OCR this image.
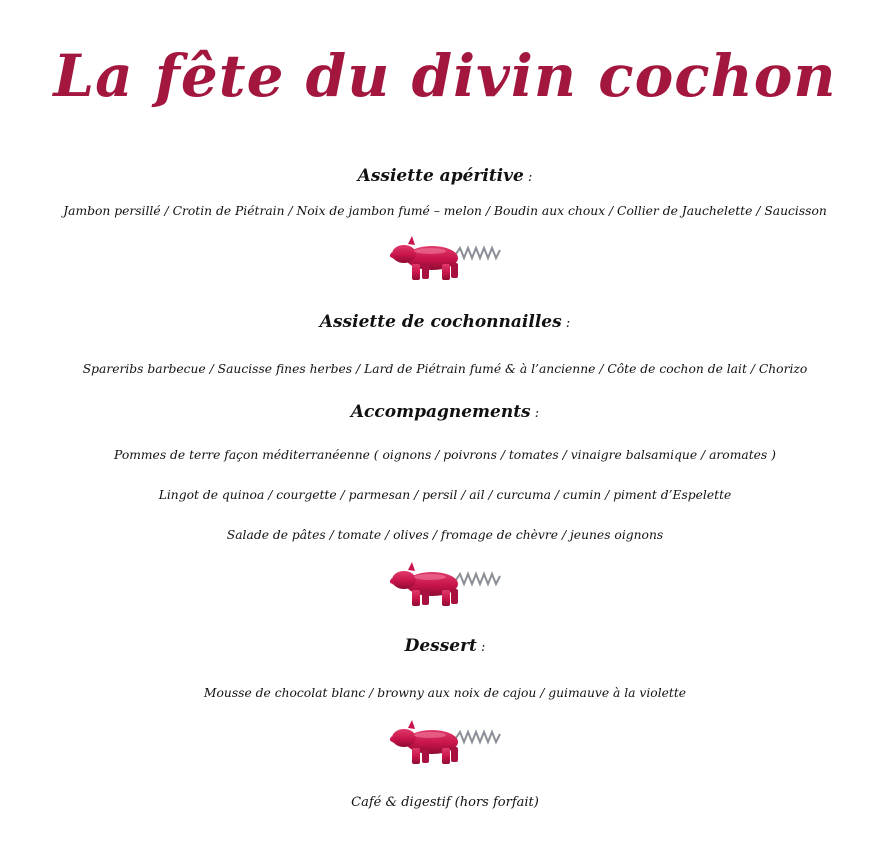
La fête du divin cochon
Assiette apéritive :
Jambon persillé / Crotin de Piétrain / Noix de jambon fumé – melon / Boudin aux choux / Collier de Jauchelette / Saucisson
Assiette de cochonnailles :
Spareribs barbecue / Saucisse fines herbes / Lard de Piétrain fumé & à l’ancienne / Côte de cochon de lait / Chorizo
Accompagnements :
Pommes de terre façon méditerranéenne ( oignons / poivrons / tomates / vinaigre balsamique / aromates )
Lingot de quinoa / courgette / parmesan / persil / ail / curcuma / cumin / piment d’Espelette
Salade de pâtes / tomate / olives / fromage de chèvre / jeunes oignons
Dessert :
Mousse de chocolat blanc / browny aux noix de cajou / guimauve à la violette
Café & digestif (hors forfait)
